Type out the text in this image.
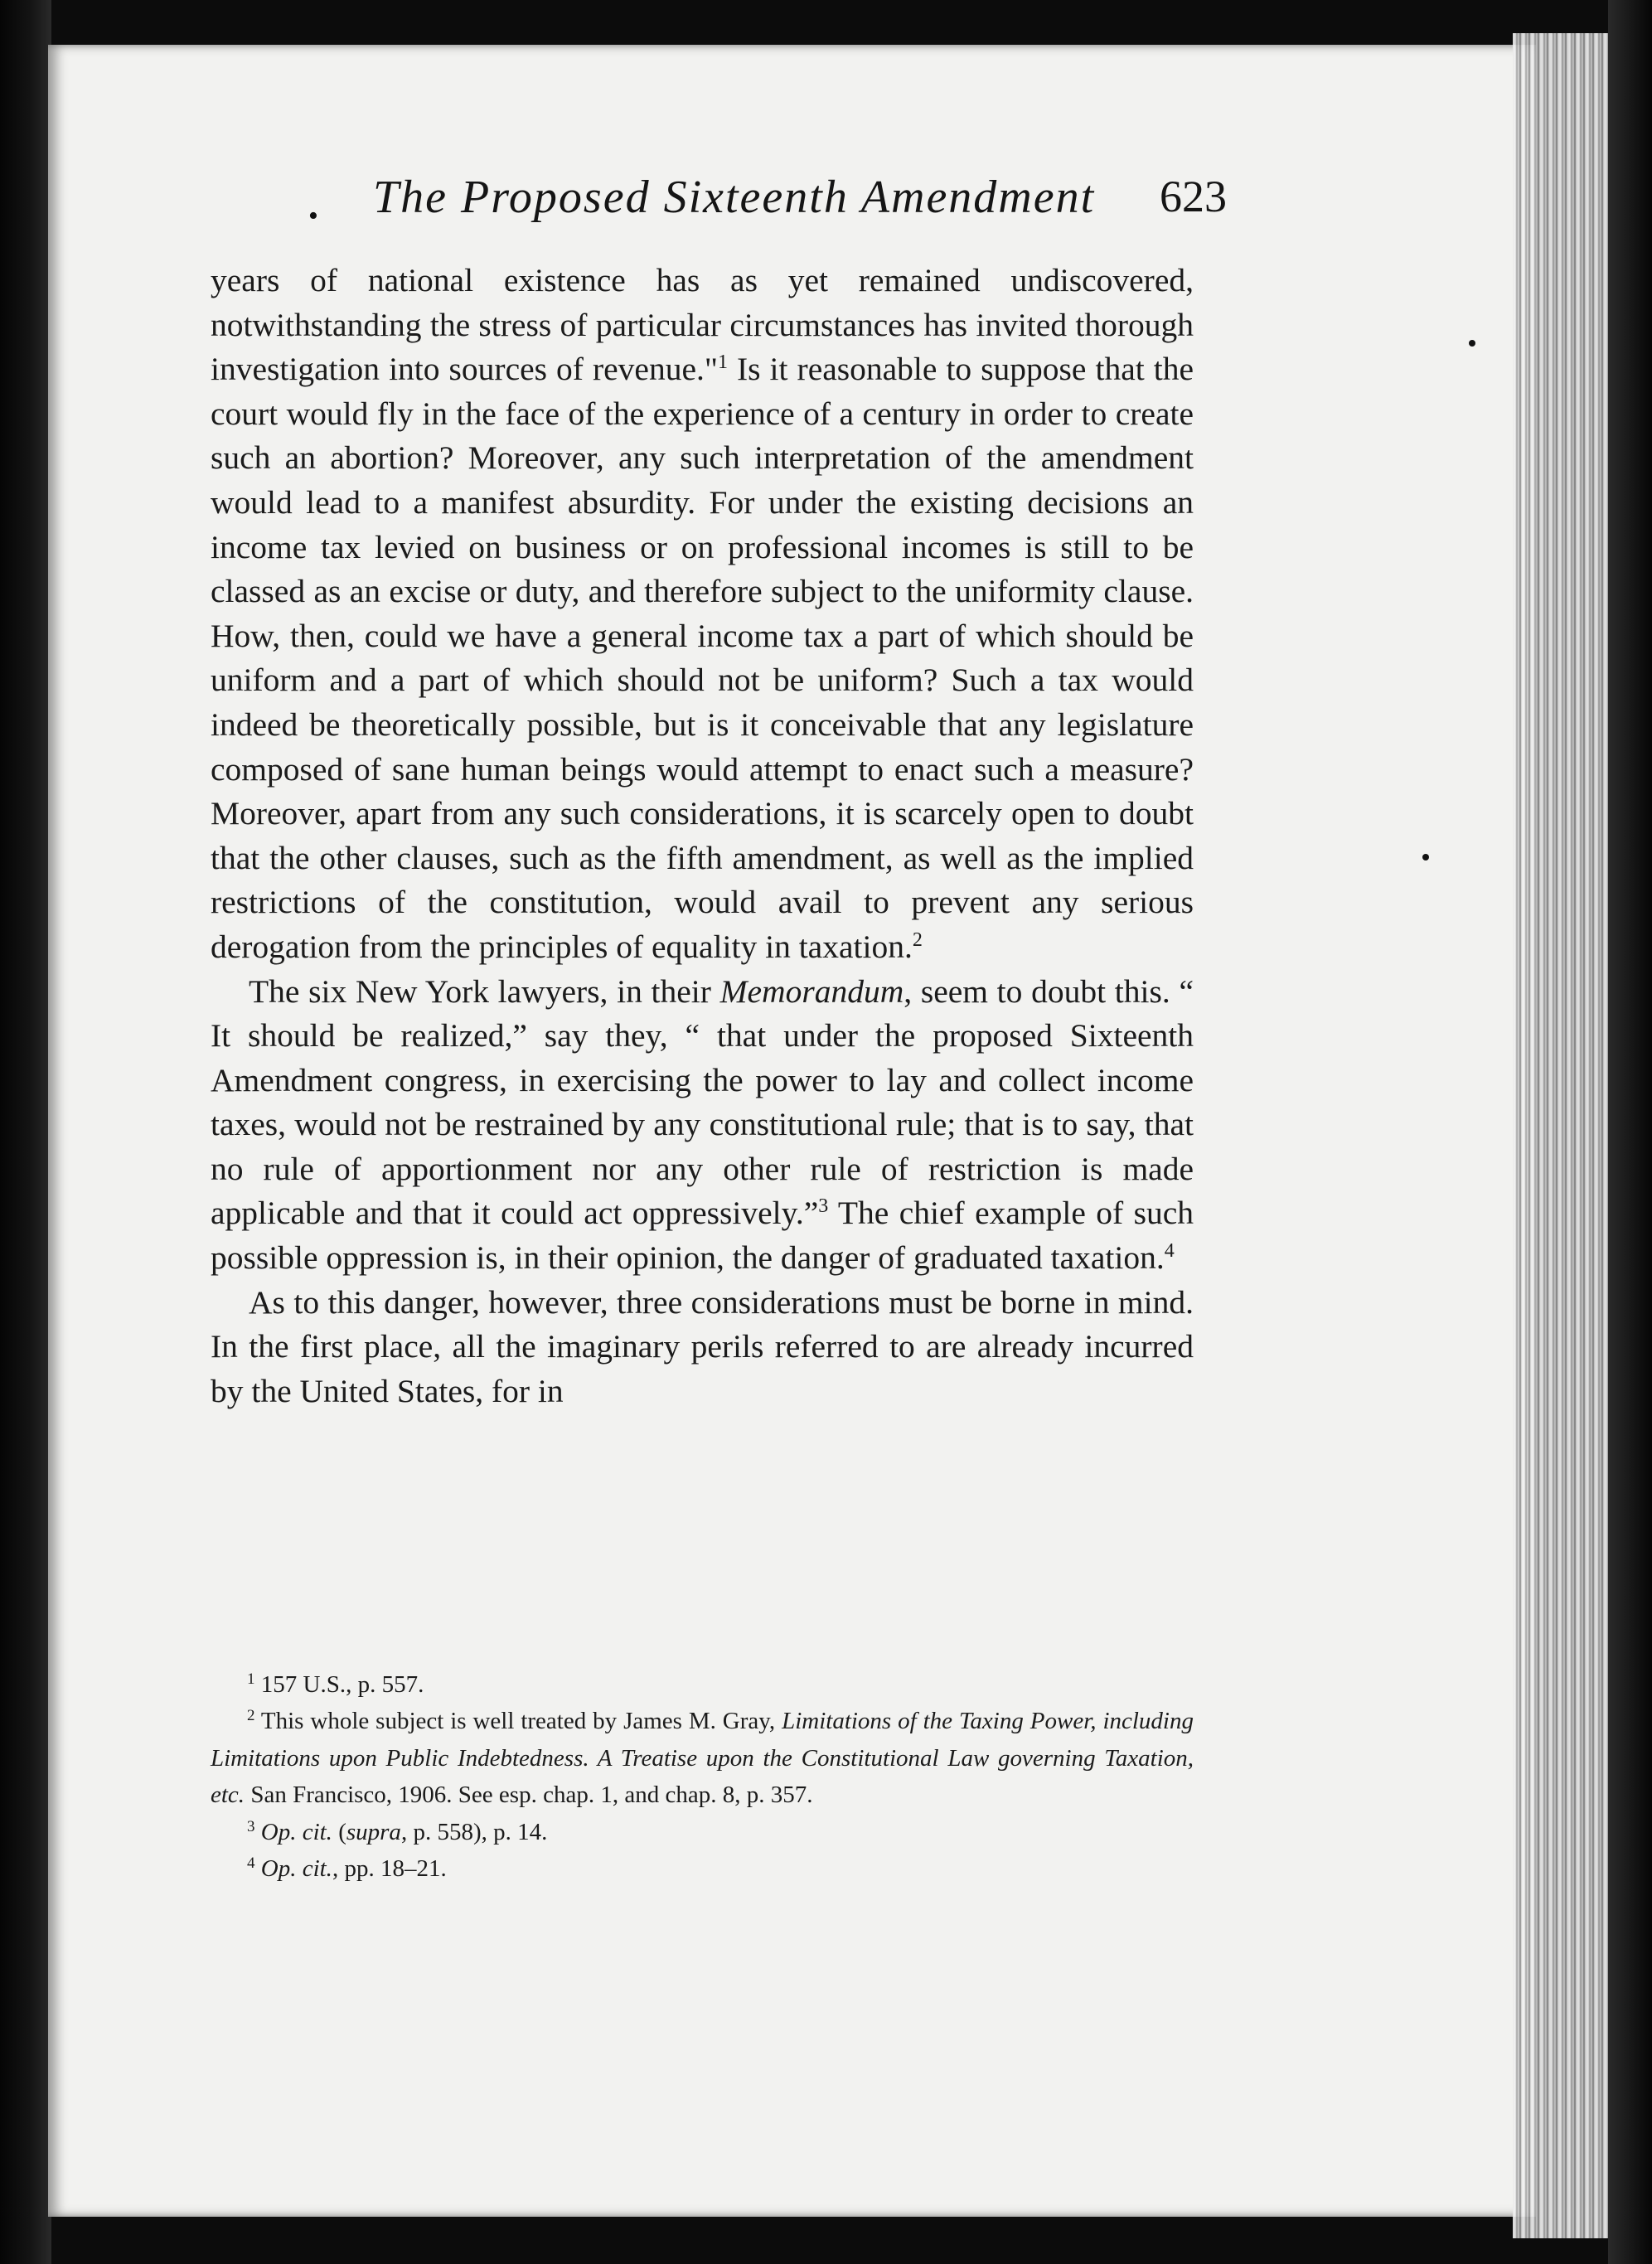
• The Proposed Sixteenth Amendment 623

years of national existence has as yet remained undiscovered, notwithstanding the stress of particular circumstances has invited thorough investigation into sources of revenue."$^1$ Is it reasonable to suppose that the court would fly in the face of the experience of a century in order to create such an abortion? Moreover, any such interpretation of the amendment would lead to a manifest absurdity. For under the existing decisions an income tax levied on business or on professional incomes is still to be classed as an excise or duty, and therefore subject to the uniformity clause. How, then, could we have a general income tax a part of which should be uniform and a part of which should not be uniform? Such a tax would indeed be theoretically possible, but is it conceivable that any legislature composed of sane human beings would attempt to enact such a measure? Moreover, apart from any such considerations, it is scarcely open to doubt that the other clauses, such as the fifth amendment, as well as the implied restrictions of the constitution, would avail to prevent any serious derogation from the principles of equality in taxation.$^2$

The six New York lawyers, in their Memorandum, seem to doubt this. “ It should be realized,” say they, “ that under the proposed Sixteenth Amendment congress, in exercising the power to lay and collect income taxes, would not be restrained by any constitutional rule; that is to say, that no rule of apportionment nor any other rule of restriction is made applicable and that it could act oppressively.”$^3$ The chief example of such possible oppression is, in their opinion, the danger of graduated taxation.$^4$

As to this danger, however, three considerations must be borne in mind. In the first place, all the imaginary perils referred to are already incurred by the United States, for in

$^1$ 157 U.S., p. 557.

$^2$ This whole subject is well treated by James M. Gray, Limitations of the Taxing Power, including Limitations upon Public Indebtedness. A Treatise upon the Constitutional Law governing Taxation, etc. San Francisco, 1906. See esp. chap. 1, and chap. 8, p. 357.

$^3$ Op. cit. (supra, p. 558), p. 14.

$^4$ Op. cit., pp. 18–21.
